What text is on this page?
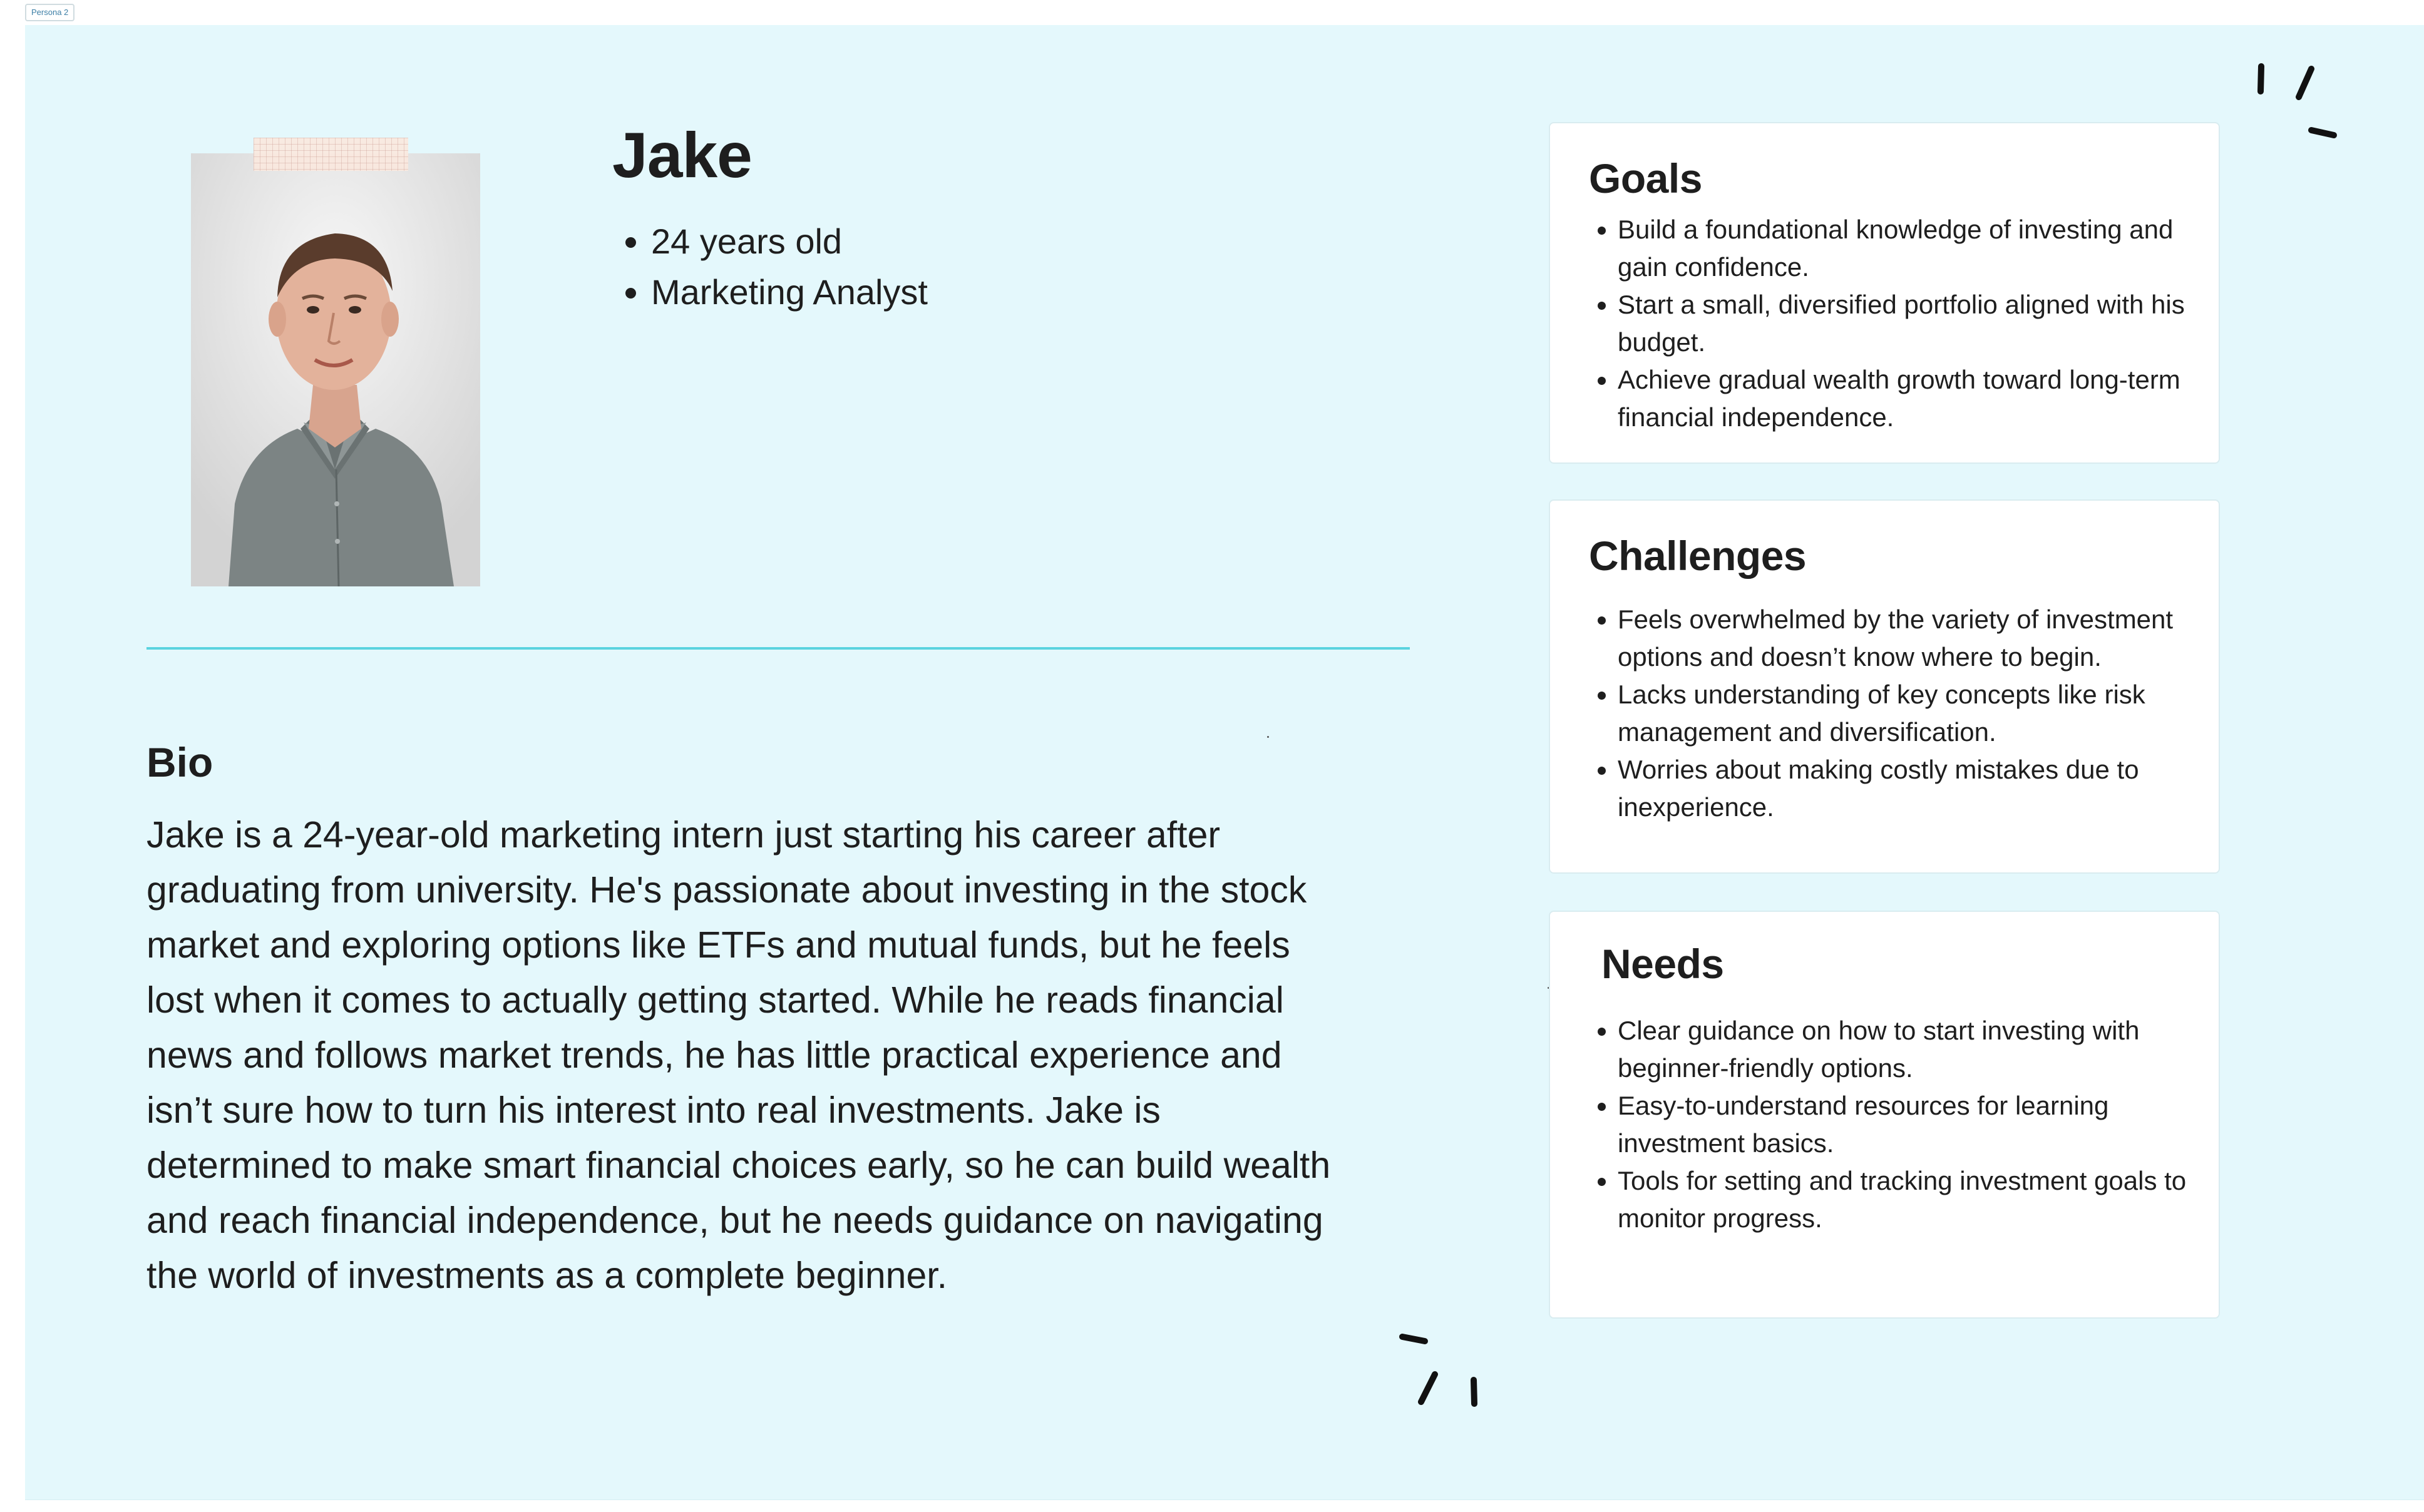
Persona 2
Jake
• 24 years old
• Marketing Analyst
Bio

Jake is a 24-year-old marketing intern just starting his career after graduating from university. He's passionate about investing in the stock market and exploring options like ETFs and mutual funds, but he feels lost when it comes to actually getting started. While he reads financial news and follows market trends, he has little practical experience and isn’t sure how to turn his interest into real investments. Jake is determined to make smart financial choices early, so he can build wealth and reach financial independence, but he needs guidance on navigating the world of investments as a complete beginner.

Goals
• Build a foundational knowledge of investing and gain confidence.
• Start a small, diversified portfolio aligned with his budget.
• Achieve gradual wealth growth toward long-term financial independence.
Challenges
• Feels overwhelmed by the variety of investment options and doesn’t know where to begin.
• Lacks understanding of key concepts like risk management and diversification.
• Worries about making costly mistakes due to inexperience.
Needs
• Clear guidance on how to start investing with beginner-friendly options.
• Easy-to-understand resources for learning investment basics.
• Tools for setting and tracking investment goals to monitor progress.
